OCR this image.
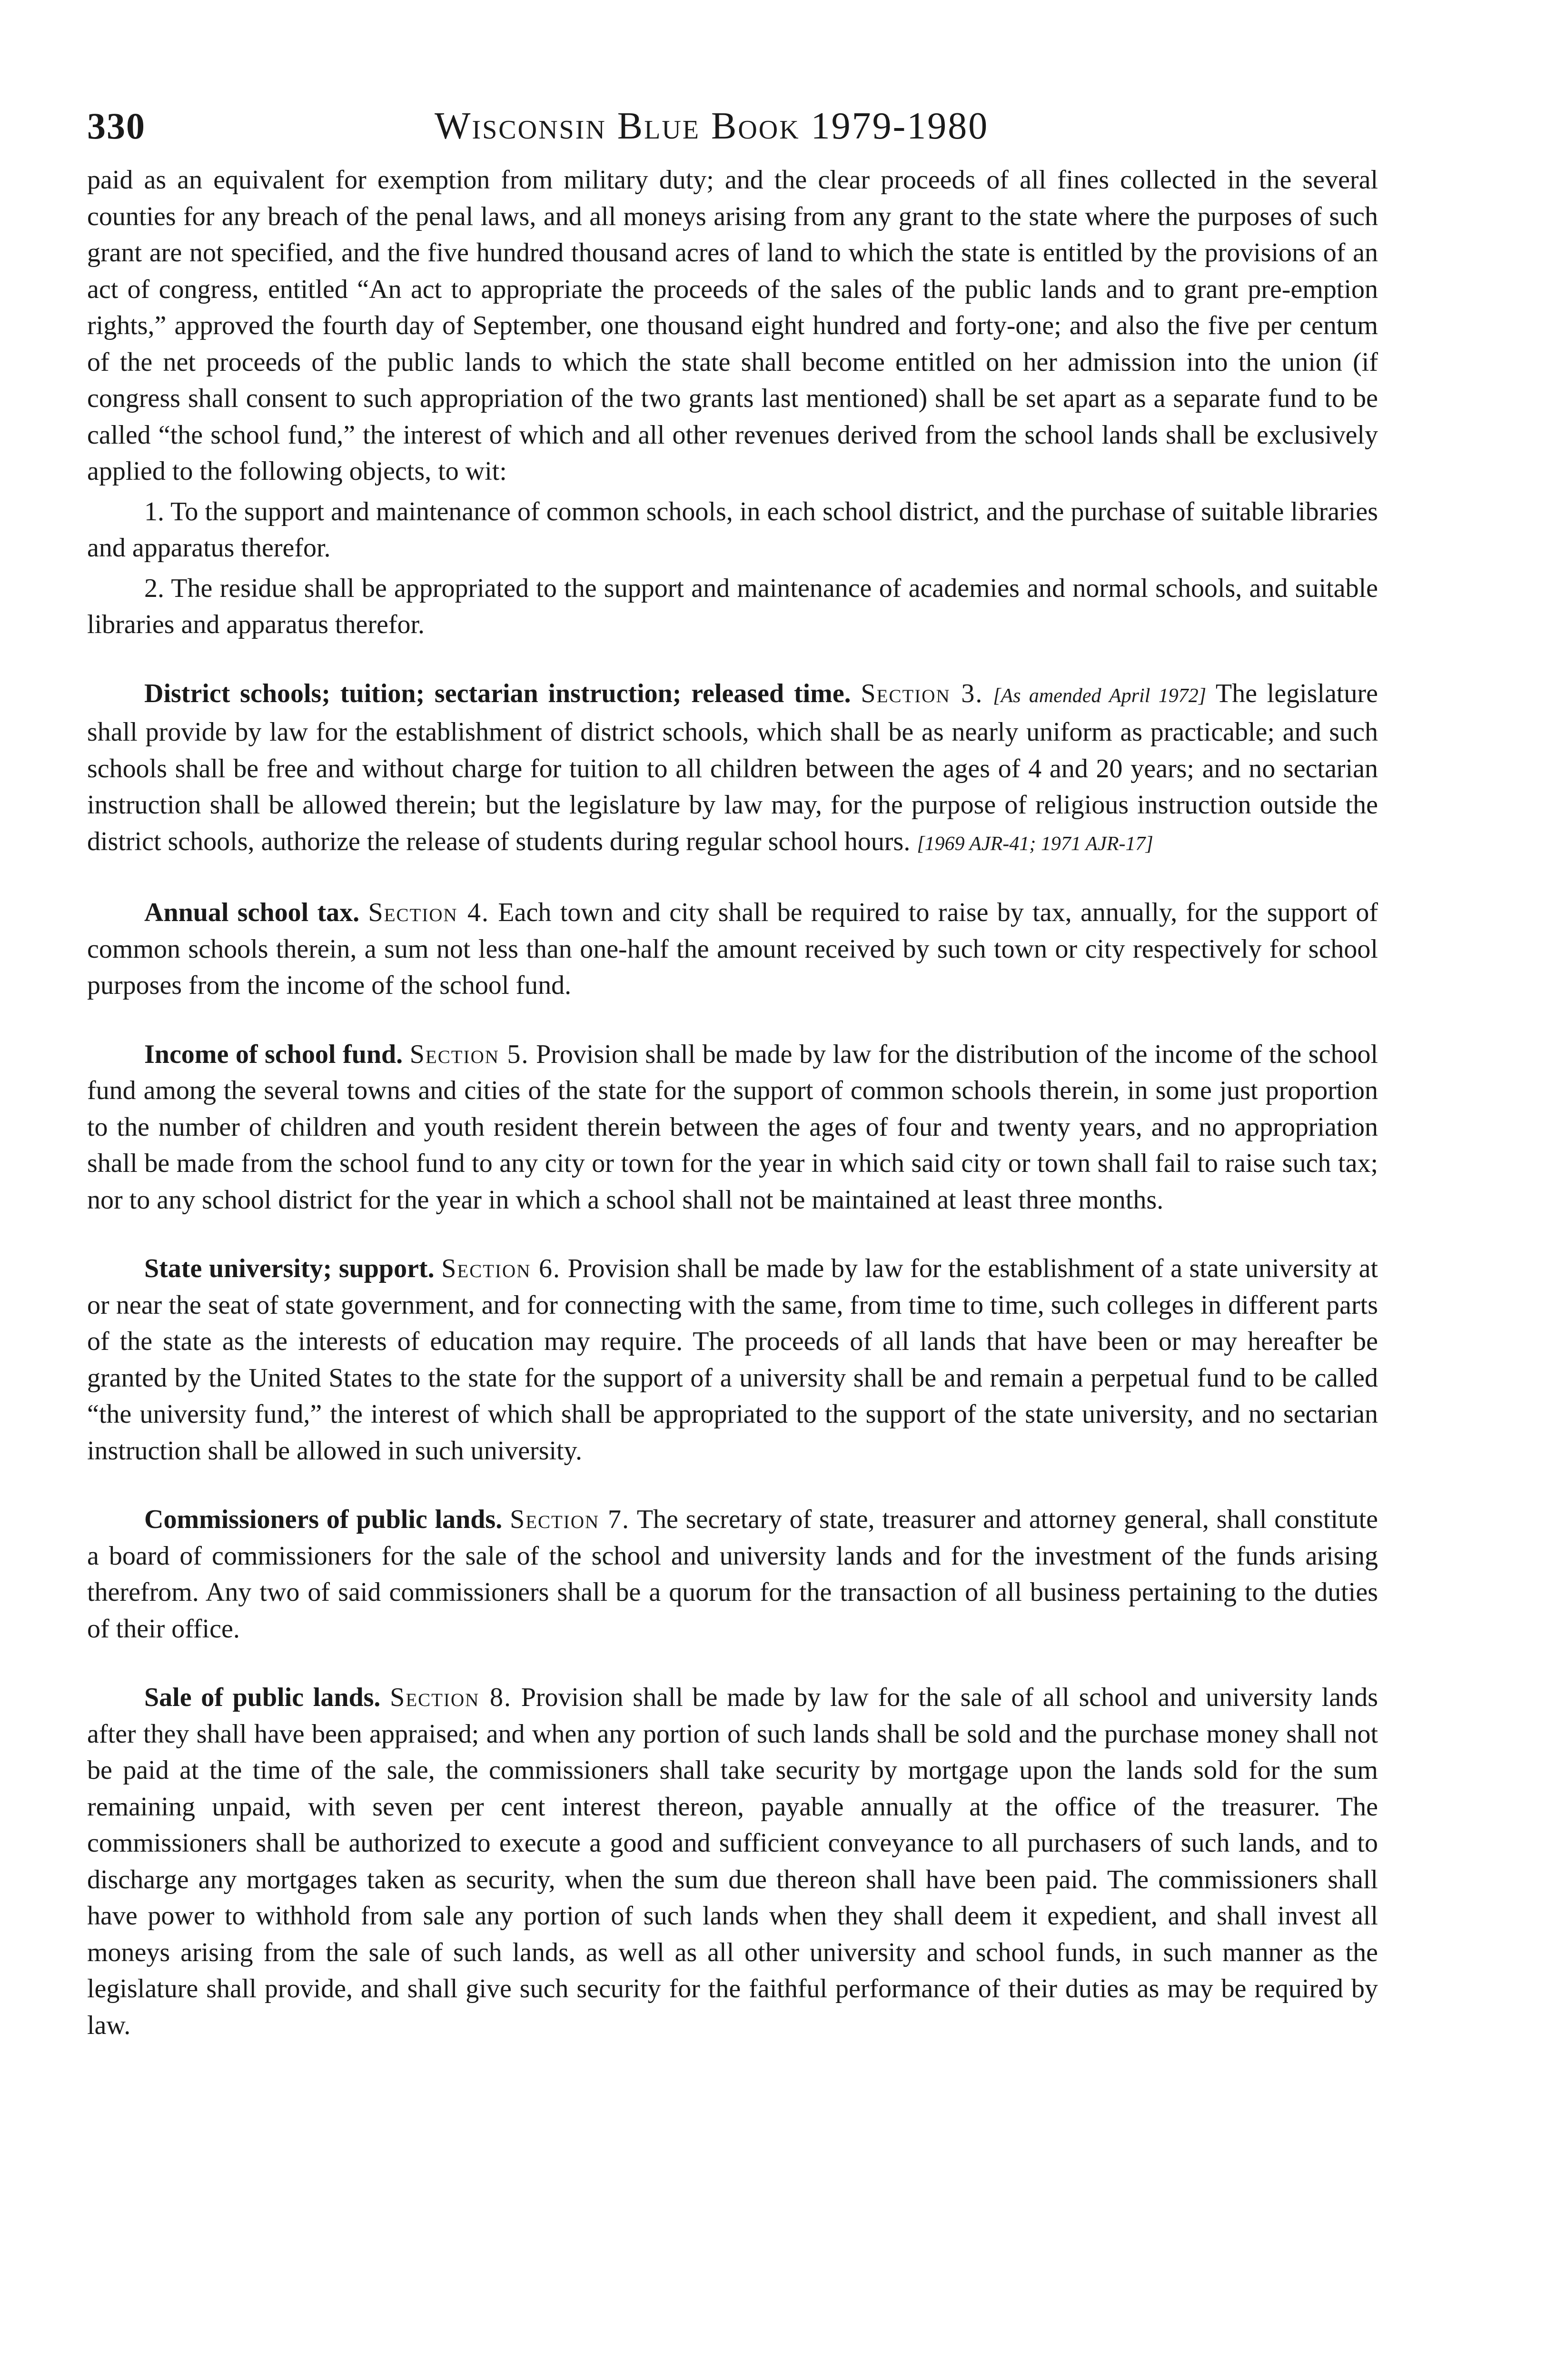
330	Wisconsin Blue Book 1979-1980

paid as an equivalent for exemption from military duty; and the clear proceeds of all fines collected in the several counties for any breach of the penal laws, and all moneys arising from any grant to the state where the purposes of such grant are not specified, and the five hundred thousand acres of land to which the state is entitled by the provisions of an act of congress, entitled “An act to appropriate the proceeds of the sales of the public lands and to grant pre-emption rights,” approved the fourth day of September, one thousand eight hundred and forty-one; and also the five per centum of the net proceeds of the public lands to which the state shall become entitled on her admission into the union (if congress shall consent to such appropriation of the two grants last mentioned) shall be set apart as a separate fund to be called “the school fund,” the interest of which and all other revenues derived from the school lands shall be exclusively applied to the following objects, to wit:

1. To the support and maintenance of common schools, in each school district, and the purchase of suitable libraries and apparatus therefor.

2. The residue shall be appropriated to the support and maintenance of academies and normal schools, and suitable libraries and apparatus therefor.

District schools; tuition; sectarian instruction; released time. Section 3. [As amended April 1972] The legislature shall provide by law for the establishment of district schools, which shall be as nearly uniform as practicable; and such schools shall be free and without charge for tuition to all children between the ages of 4 and 20 years; and no sectarian instruction shall be allowed therein; but the legislature by law may, for the purpose of religious instruction outside the district schools, authorize the release of students during regular school hours. [1969 AJR-41; 1971 AJR-17]

Annual school tax. Section 4. Each town and city shall be required to raise by tax, annually, for the support of common schools therein, a sum not less than one-half the amount received by such town or city respectively for school purposes from the income of the school fund.

Income of school fund. Section 5. Provision shall be made by law for the distribution of the income of the school fund among the several towns and cities of the state for the support of common schools therein, in some just proportion to the number of children and youth resident therein between the ages of four and twenty years, and no appropriation shall be made from the school fund to any city or town for the year in which said city or town shall fail to raise such tax; nor to any school district for the year in which a school shall not be maintained at least three months.

State university; support. Section 6. Provision shall be made by law for the establishment of a state university at or near the seat of state government, and for connecting with the same, from time to time, such colleges in different parts of the state as the interests of education may require. The proceeds of all lands that have been or may hereafter be granted by the United States to the state for the support of a university shall be and remain a perpetual fund to be called “the university fund,” the interest of which shall be appropriated to the support of the state university, and no sectarian instruction shall be allowed in such university.

Commissioners of public lands. Section 7. The secretary of state, treasurer and attorney general, shall constitute a board of commissioners for the sale of the school and university lands and for the investment of the funds arising therefrom. Any two of said commissioners shall be a quorum for the transaction of all business pertaining to the duties of their office.

Sale of public lands. Section 8. Provision shall be made by law for the sale of all school and university lands after they shall have been appraised; and when any portion of such lands shall be sold and the purchase money shall not be paid at the time of the sale, the commissioners shall take security by mortgage upon the lands sold for the sum remaining unpaid, with seven per cent interest thereon, payable annually at the office of the treasurer. The commissioners shall be authorized to execute a good and sufficient conveyance to all purchasers of such lands, and to discharge any mortgages taken as security, when the sum due thereon shall have been paid. The commissioners shall have power to withhold from sale any portion of such lands when they shall deem it expedient, and shall invest all moneys arising from the sale of such lands, as well as all other university and school funds, in such manner as the legislature shall provide, and shall give such security for the faithful performance of their duties as may be required by law.
